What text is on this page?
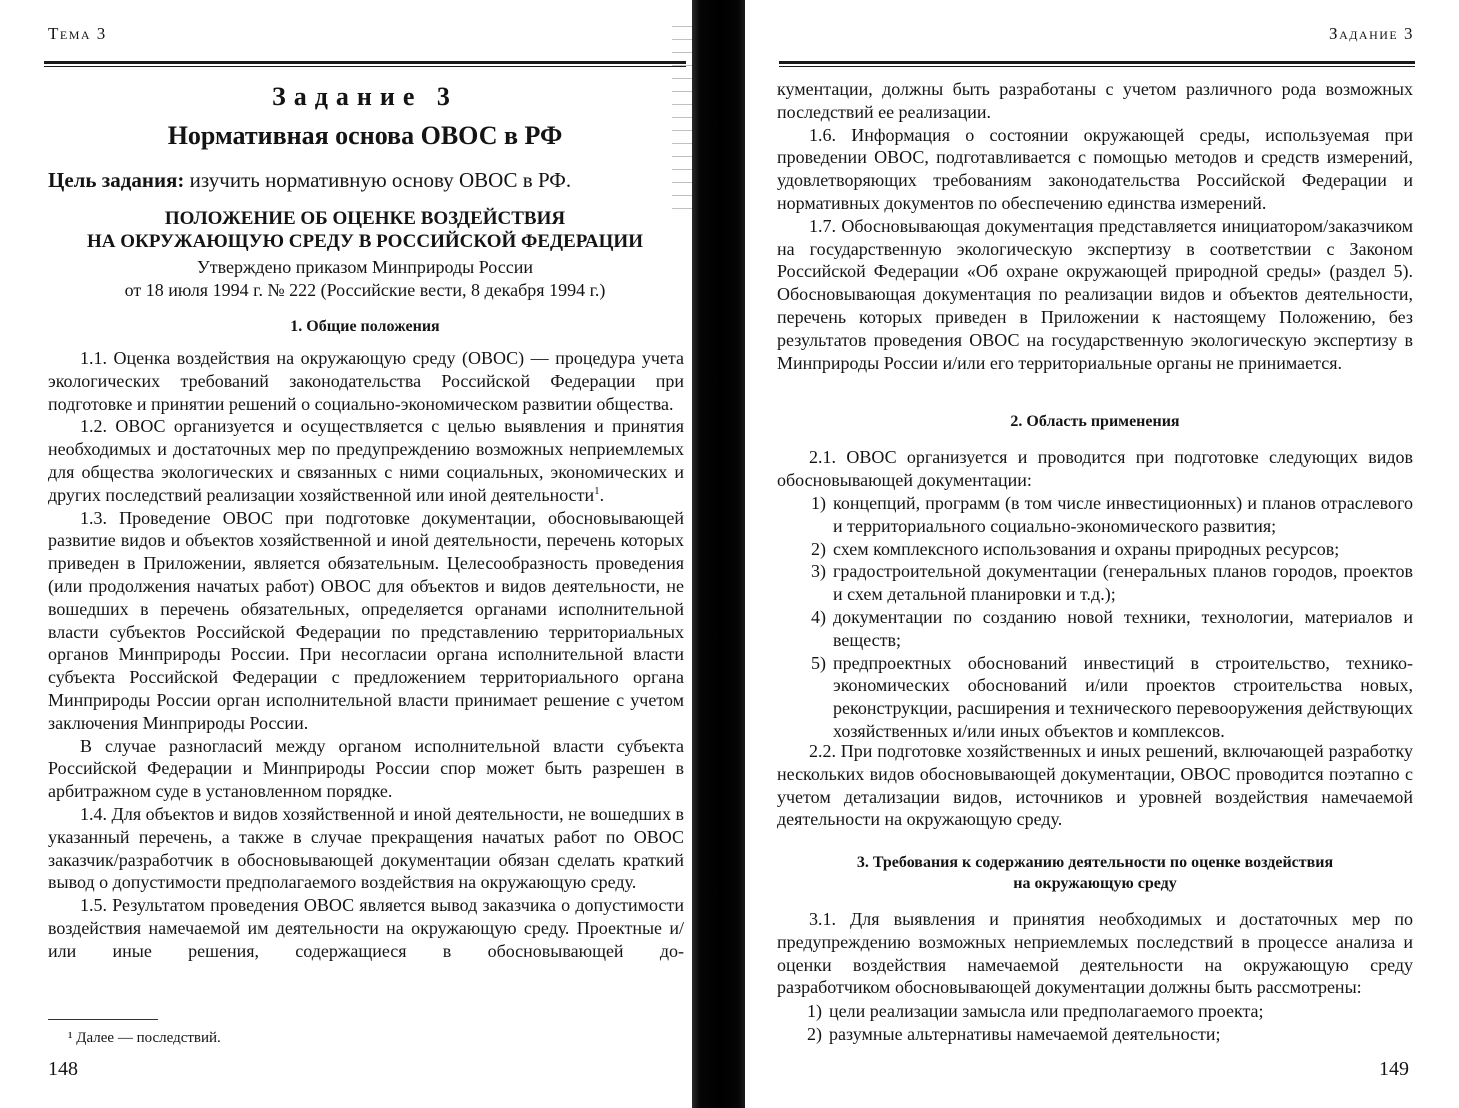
Тема 3
Задание 3
Нормативная основа ОВОС в РФ

Цель задания: изучить нормативную основу ОВОС в РФ.

ПОЛОЖЕНИЕ ОБ ОЦЕНКЕ ВОЗДЕЙСТВИЯ
НА ОКРУЖАЮЩУЮ СРЕДУ В РОССИЙСКОЙ ФЕДЕРАЦИИ
Утверждено приказом Минприроды России
от 18 июля 1994 г. № 222 (Российские вести, 8 декабря 1994 г.)
1. Общие положения

1.1. Оценка воздействия на окружающую среду (ОВОС) — процедура учета экологических требований законодательства Российской Федерации при подготовке и принятии решений о социально-экономическом развитии общества.

1.2. ОВОС организуется и осуществляется с целью выявления и принятия необходимых и достаточных мер по предупреждению возможных неприемлемых для общества экологических и связанных с ними социальных, экономических и других последствий реализации хозяйственной или иной деятельности$^1$.

1.3. Проведение ОВОС при подготовке документации, обосновывающей развитие видов и объектов хозяйственной и иной деятельности, перечень которых приведен в Приложении, является обязательным. Целесообразность проведения (или продолжения начатых работ) ОВОС для объектов и видов деятельности, не вошедших в перечень обязательных, определяется органами исполнительной власти субъектов Российской Федерации по представлению территориальных органов Минприроды России. При несогласии органа исполнительной власти субъекта Российской Федерации с предложением территориального органа Минприроды России орган исполнительной власти принимает решение с учетом заключения Минприроды России.

В случае разногласий между органом исполнительной власти субъекта Российской Федерации и Минприроды России спор может быть разрешен в арбитражном суде в установленном порядке.

1.4. Для объектов и видов хозяйственной и иной деятельности, не вошедших в указанный перечень, а также в случае прекращения начатых работ по ОВОС заказчик/разработчик в обосновывающей документации обязан сделать краткий вывод о допустимости предполагаемого воздействия на окружающую среду.

1.5. Результатом проведения ОВОС является вывод заказчика о допустимости воздействия намечаемой им деятельности на окружающую среду. Проектные и/или иные решения, содержащиеся в обосновывающей до-

¹ Далее — последствий.

148

Задание 3

кументации, должны быть разработаны с учетом различного рода возможных последствий ее реализации.

1.6. Информация о состоянии окружающей среды, используемая при проведении ОВОС, подготавливается с помощью методов и средств измерений, удовлетворяющих требованиям законодательства Российской Федерации и нормативных документов по обеспечению единства измерений.

1.7. Обосновывающая документация представляется инициатором/заказчиком на государственную экологическую экспертизу в соответствии с Законом Российской Федерации «Об охране окружающей природной среды» (раздел 5). Обосновывающая документация по реализации видов и объектов деятельности, перечень которых приведен в Приложении к настоящему Положению, без результатов проведения ОВОС на государственную экологическую экспертизу в Минприроды России и/или его территориальные органы не принимается.

2. Область применения

2.1. ОВОС организуется и проводится при подготовке следующих видов обосновывающей документации:

1) концепций, программ (в том числе инвестиционных) и планов отраслевого и территориального социально-экономического развития;
2) схем комплексного использования и охраны природных ресурсов;
3) градостроительной документации (генеральных планов городов, проектов и схем детальной планировки и т.д.);
4) документации по созданию новой техники, технологии, материалов и веществ;
5) предпроектных обоснований инвестиций в строительство, технико-экономических обоснований и/или проектов строительства новых, реконструкции, расширения и технического перевооружения действующих хозяйственных и/или иных объектов и комплексов.

2.2. При подготовке хозяйственных и иных решений, включающей разработку нескольких видов обосновывающей документации, ОВОС проводится поэтапно с учетом детализации видов, источников и уровней воздействия намечаемой деятельности на окружающую среду.

3. Требования к содержанию деятельности по оценке воздействия
на окружающую среду

3.1. Для выявления и принятия необходимых и достаточных мер по предупреждению возможных неприемлемых последствий в процессе анализа и оценки воздействия намечаемой деятельности на окружающую среду разработчиком обосновывающей документации должны быть рассмотрены:

1) цели реализации замысла или предполагаемого проекта;
2) разумные альтернативы намечаемой деятельности;

149
